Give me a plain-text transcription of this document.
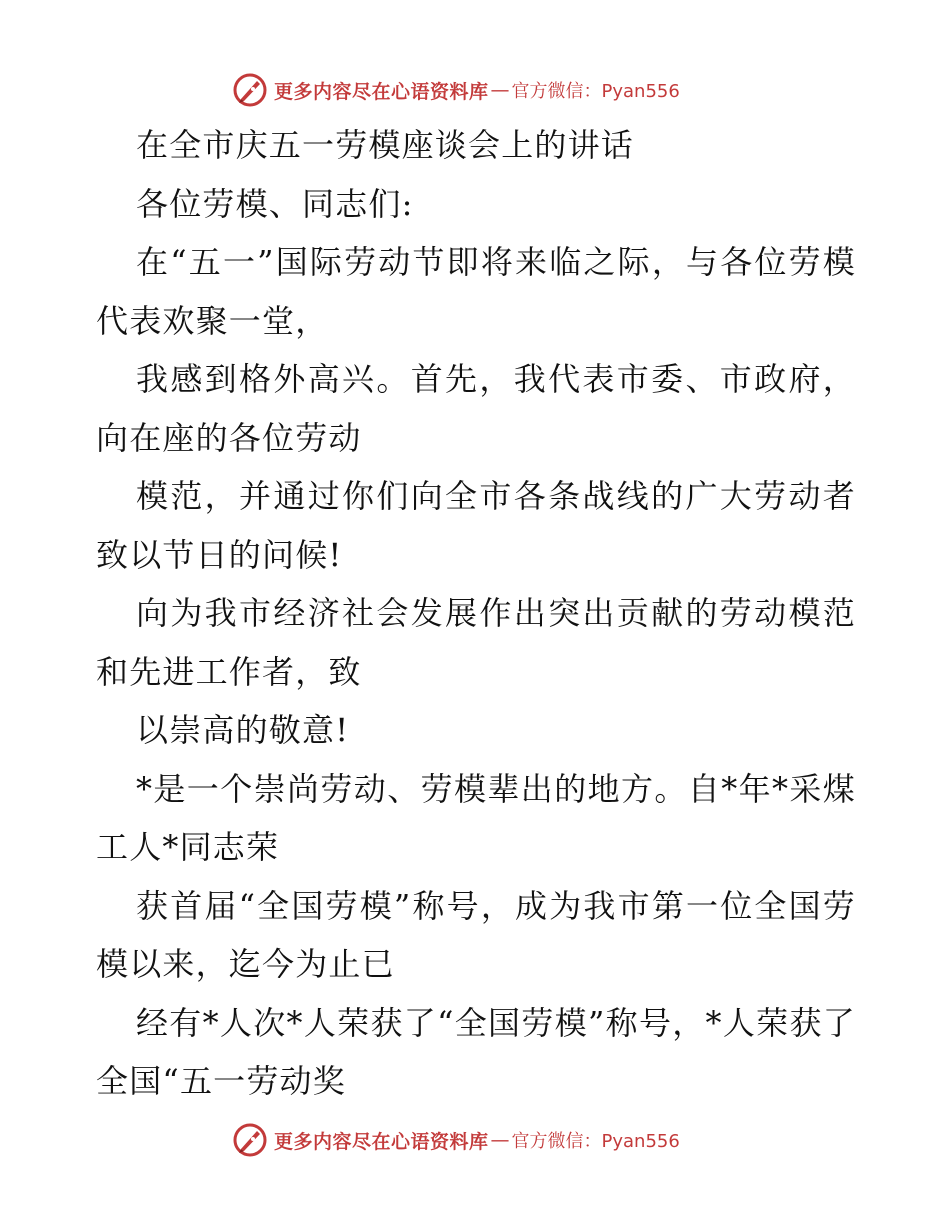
更多内容尽在心语资料库 — 官方微信：Pyan556

在全市庆五一劳模座谈会上的讲话

各位劳模、同志们:

在“五一”国际劳动节即将来临之际，与各位劳模代表欢聚一堂，

我感到格外高兴。首先，我代表市委、市政府，向在座的各位劳动

模范，并通过你们向全市各条战线的广大劳动者致以节日的问候!

向为我市经济社会发展作出突出贡献的劳动模范和先进工作者，致

以崇高的敬意!

*是一个崇尚劳动、劳模辈出的地方。自*年*采煤工人*同志荣

获首届“全国劳模”称号，成为我市第一位全国劳模以来，迄今为止已

经有*人次*人荣获了“全国劳模”称号，*人荣获了全国“五一劳动奖

更多内容尽在心语资料库 — 官方微信：Pyan556
